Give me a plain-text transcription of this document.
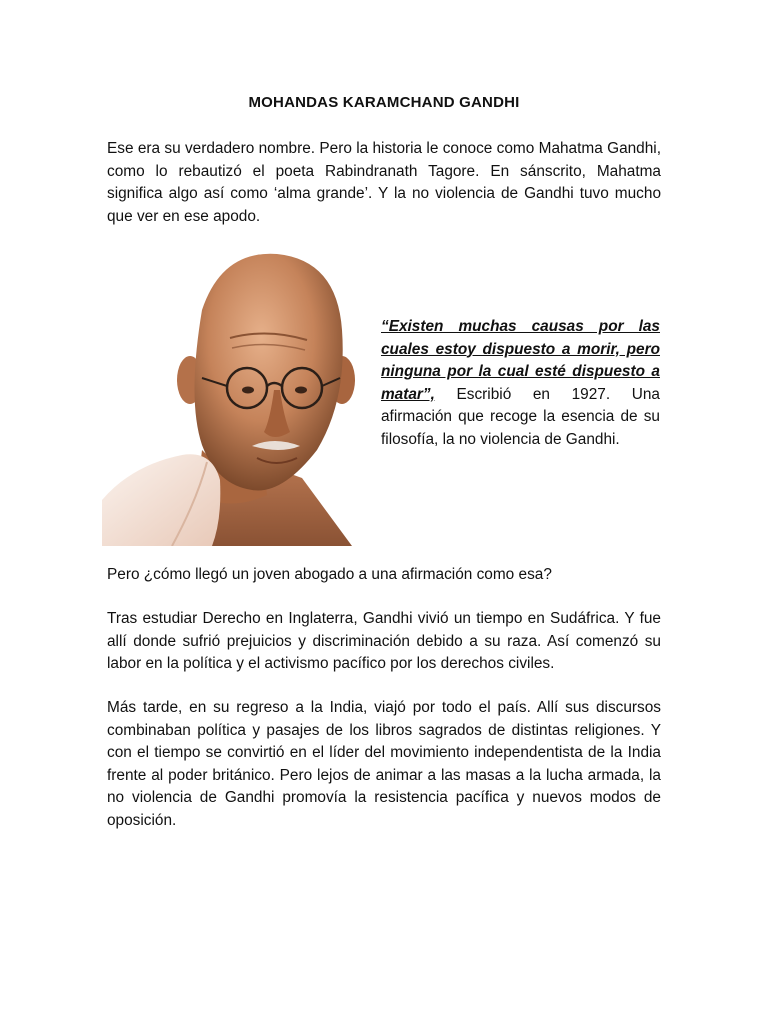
MOHANDAS KARAMCHAND GANDHI

Ese era su verdadero nombre. Pero la historia le conoce como Mahatma Gandhi, como lo rebautizó el poeta Rabindranath Tagore. En sánscrito, Mahatma significa algo así como ‘alma grande’. Y la no violencia de Gandhi tuvo mucho que ver en ese apodo.

“Existen muchas causas por las cuales estoy dispuesto a morir, pero ninguna por la cual esté dispuesto a matar”, Escribió en 1927. Una afirmación que recoge la esencia de su filosofía, la no violencia de Gandhi.

Pero ¿cómo llegó un joven abogado a una afirmación como esa?

Tras estudiar Derecho en Inglaterra, Gandhi vivió un tiempo en Sudáfrica. Y fue allí donde sufrió prejuicios y discriminación debido a su raza. Así comenzó su labor en la política y el activismo pacífico por los derechos civiles.

Más tarde, en su regreso a la India, viajó por todo el país. Allí sus discursos combinaban política y pasajes de los libros sagrados de distintas religiones. Y con el tiempo se convirtió en el líder del movimiento independentista de la India frente al poder británico. Pero lejos de animar a las masas a la lucha armada, la no violencia de Gandhi promovía la resistencia pacífica y nuevos modos de oposición.
